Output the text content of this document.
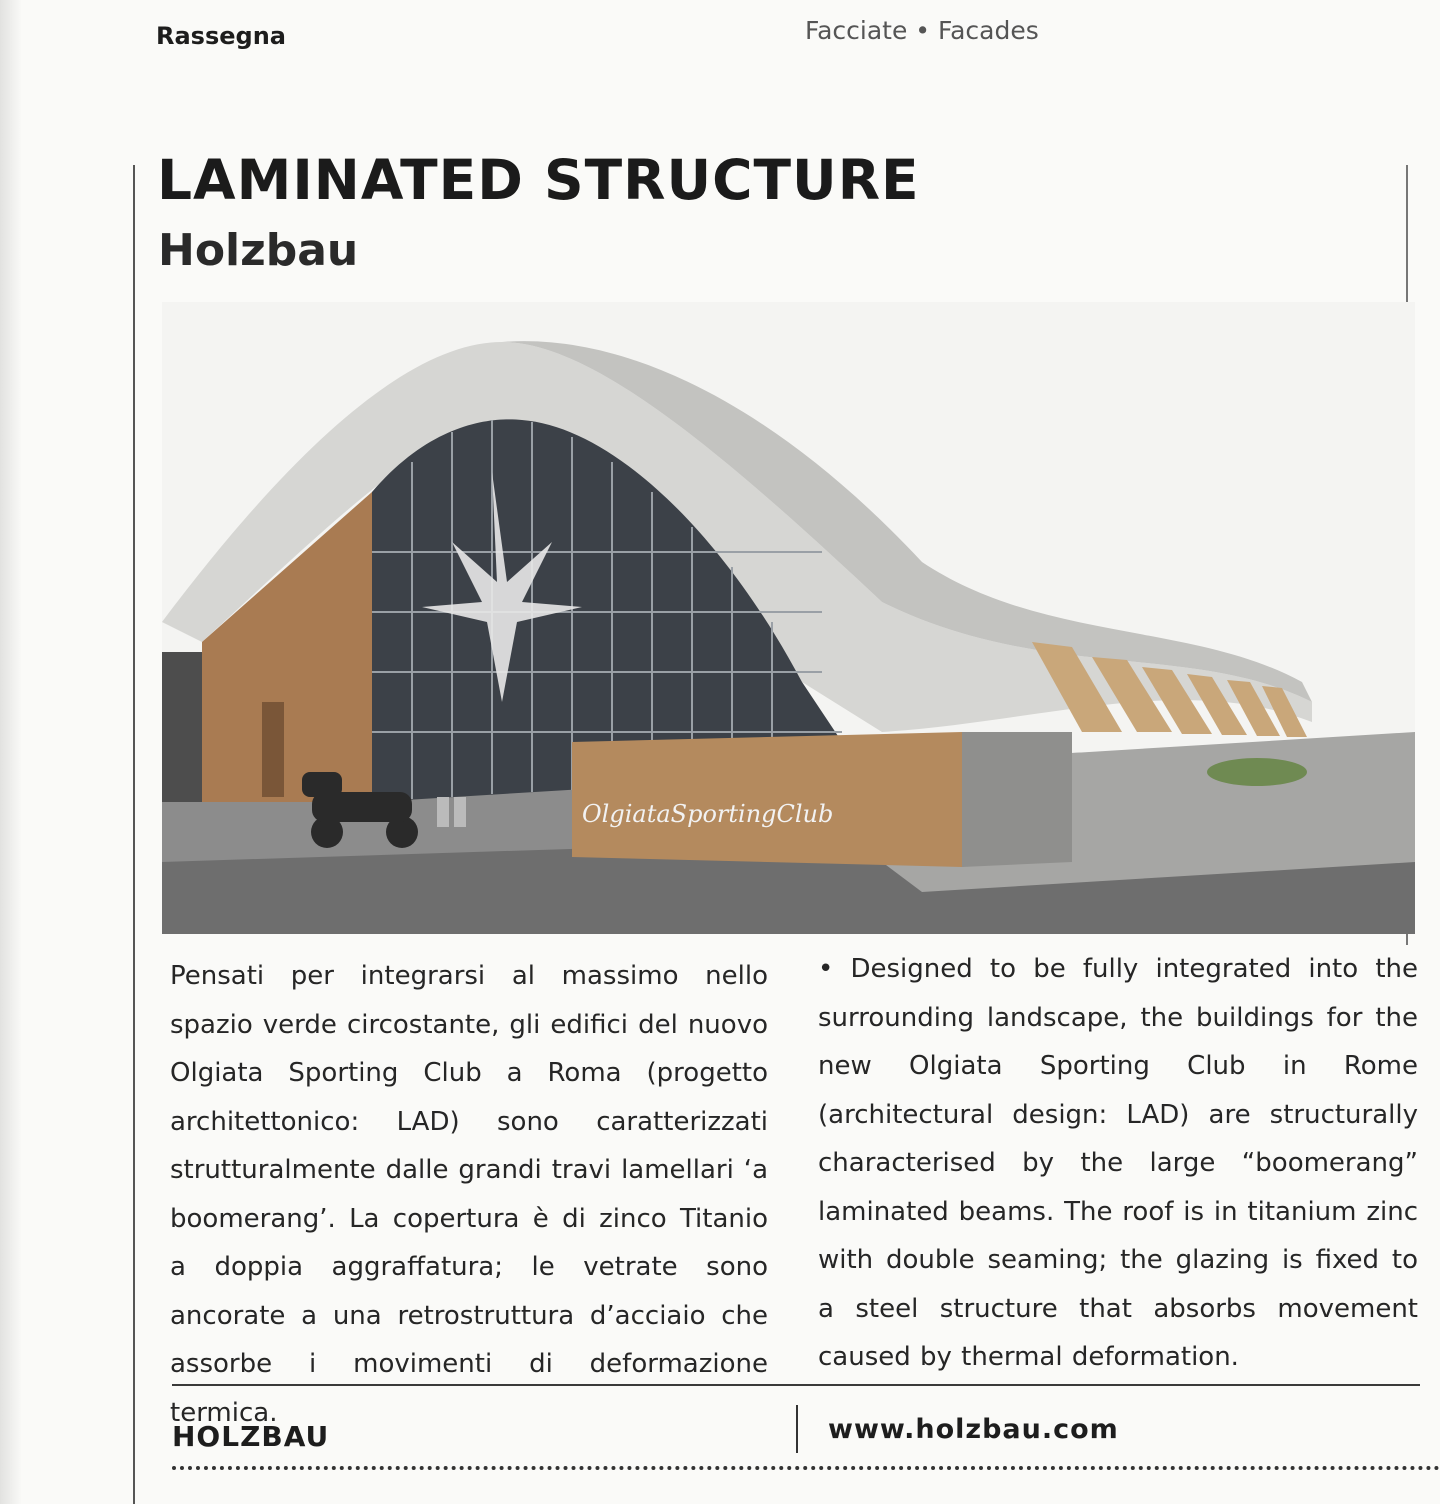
Rassegna	Facciate • Facades
LAMINATED STRUCTURE
Holzbau
OlgiataSportingClub

Pensati per integrarsi al massimo nello spazio verde circostante, gli edifici del nuovo Olgiata Sporting Club a Roma (progetto architettonico: LAD) sono caratterizzati strutturalmente dalle grandi travi lamellari ‘a boomerang’. La copertura è di zinco Titanio a doppia aggraffatura; le vetrate sono ancorate a una retrostruttura d’acciaio che assorbe i movimenti di deformazione termica.

• Designed to be fully integrated into the surrounding landscape, the buildings for the new Olgiata Sporting Club in Rome (architectural design: LAD) are structurally characterised by the large “boomerang” laminated beams. The roof is in titanium zinc with double seaming; the glazing is fixed to a steel structure that absorbs movement caused by thermal deformation.

HOLZBAU	www.holzbau.com
